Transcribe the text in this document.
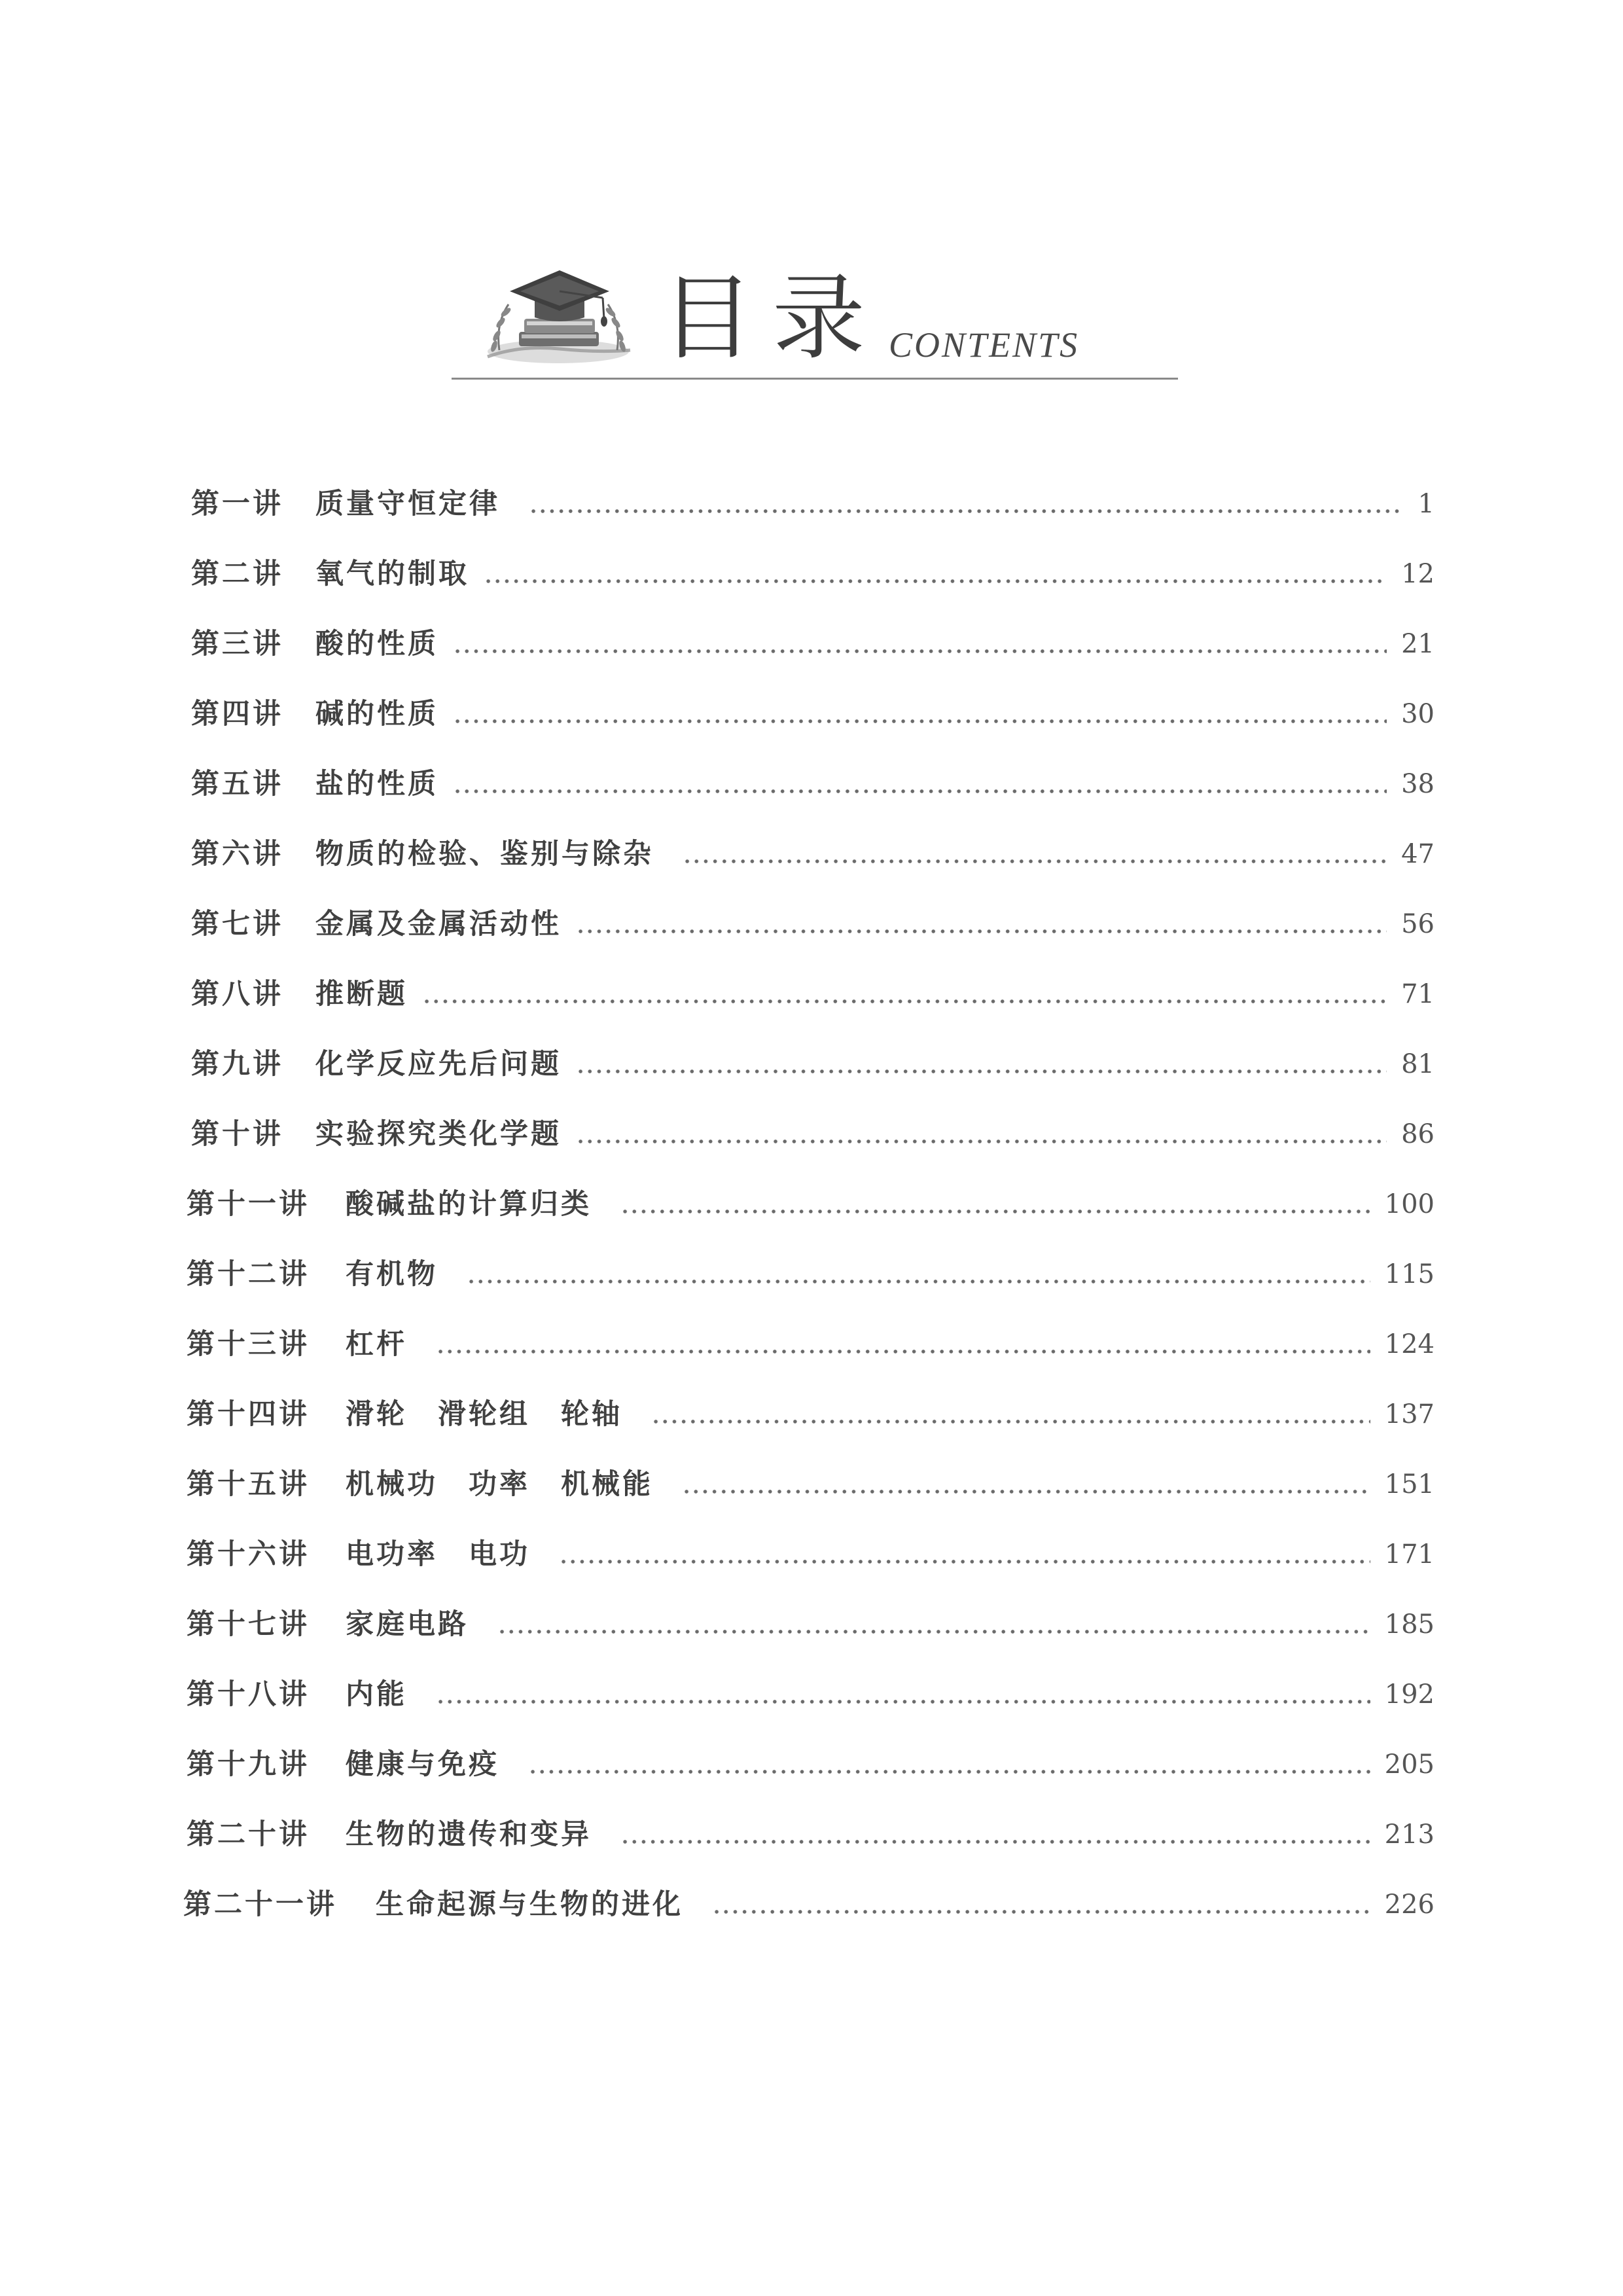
目录 CONTENTS
第一讲	质量守恒定律	1
第二讲	氧气的制取	12
第三讲	酸的性质	21
第四讲	碱的性质	30
第五讲	盐的性质	38
第六讲	物质的检验、鉴别与除杂	47
第七讲	金属及金属活动性	56
第八讲	推断题	71
第九讲	化学反应先后问题	81
第十讲	实验探究类化学题	86
第十一讲	酸碱盐的计算归类	100
第十二讲	有机物	115
第十三讲	杠杆	124
第十四讲	滑轮　滑轮组　轮轴	137
第十五讲	机械功　功率　机械能	151
第十六讲	电功率　电功	171
第十七讲	家庭电路	185
第十八讲	内能	192
第十九讲	健康与免疫	205
第二十讲	生物的遗传和变异	213
第二十一讲	生命起源与生物的进化	226
